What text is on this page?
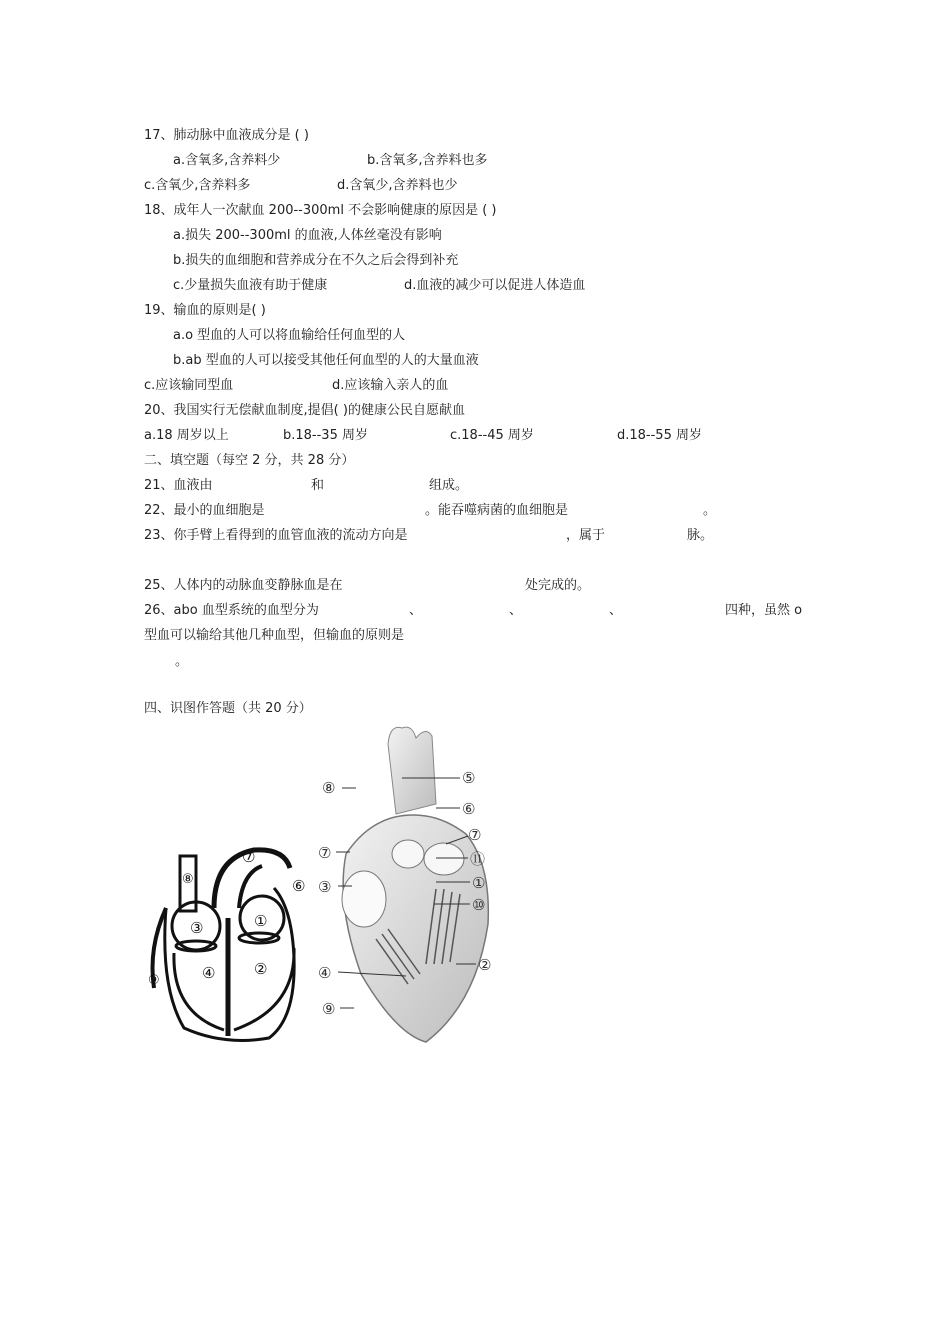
17、肺动脉中血液成分是 ( )
a.含氧多,含养料少	b.含氧多,含养料也多
c.含氧少,含养料多	d.含氧少,含养料也少
18、成年人一次献血 200--300ml 不会影响健康的原因是 ( )
a.损失 200--300ml 的血液,人体丝毫没有影响
b.损失的血细胞和营养成分在不久之后会得到补充
c.少量损失血液有助于健康	d.血液的减少可以促进人体造血
19、输血的原则是( )
a.o 型血的人可以将血输给任何血型的人
b.ab 型血的人可以接受其他任何血型的人的大量血液
c.应该输同型血	d.应该输入亲人的血
20、我国实行无偿献血制度,提倡( )的健康公民自愿献血
a.18 周岁以上	b.18--35 周岁	c.18--45 周岁	d.18--55 周岁
二、填空题（每空 2 分，共 28 分）
21、血液由	和	组成。
22、最小的血细胞是	。能吞噬病菌的血细胞是	。
23、你手臂上看得到的血管血液的流动方向是	，属于	脉。
25、人体内的动脉血变静脉血是在	处完成的。
26、abo 血型系统的血型分为	、	、	、	四种，虽然 o
型血可以输给其他几种血型，但输血的原则是
。
四、识图作答题（共 20 分）
③	①
④	②
⑦
⑥
⑧
⑨
⑤
⑥
⑦
⑪
①
⑩
②
⑧
⑦
③
④
⑨
